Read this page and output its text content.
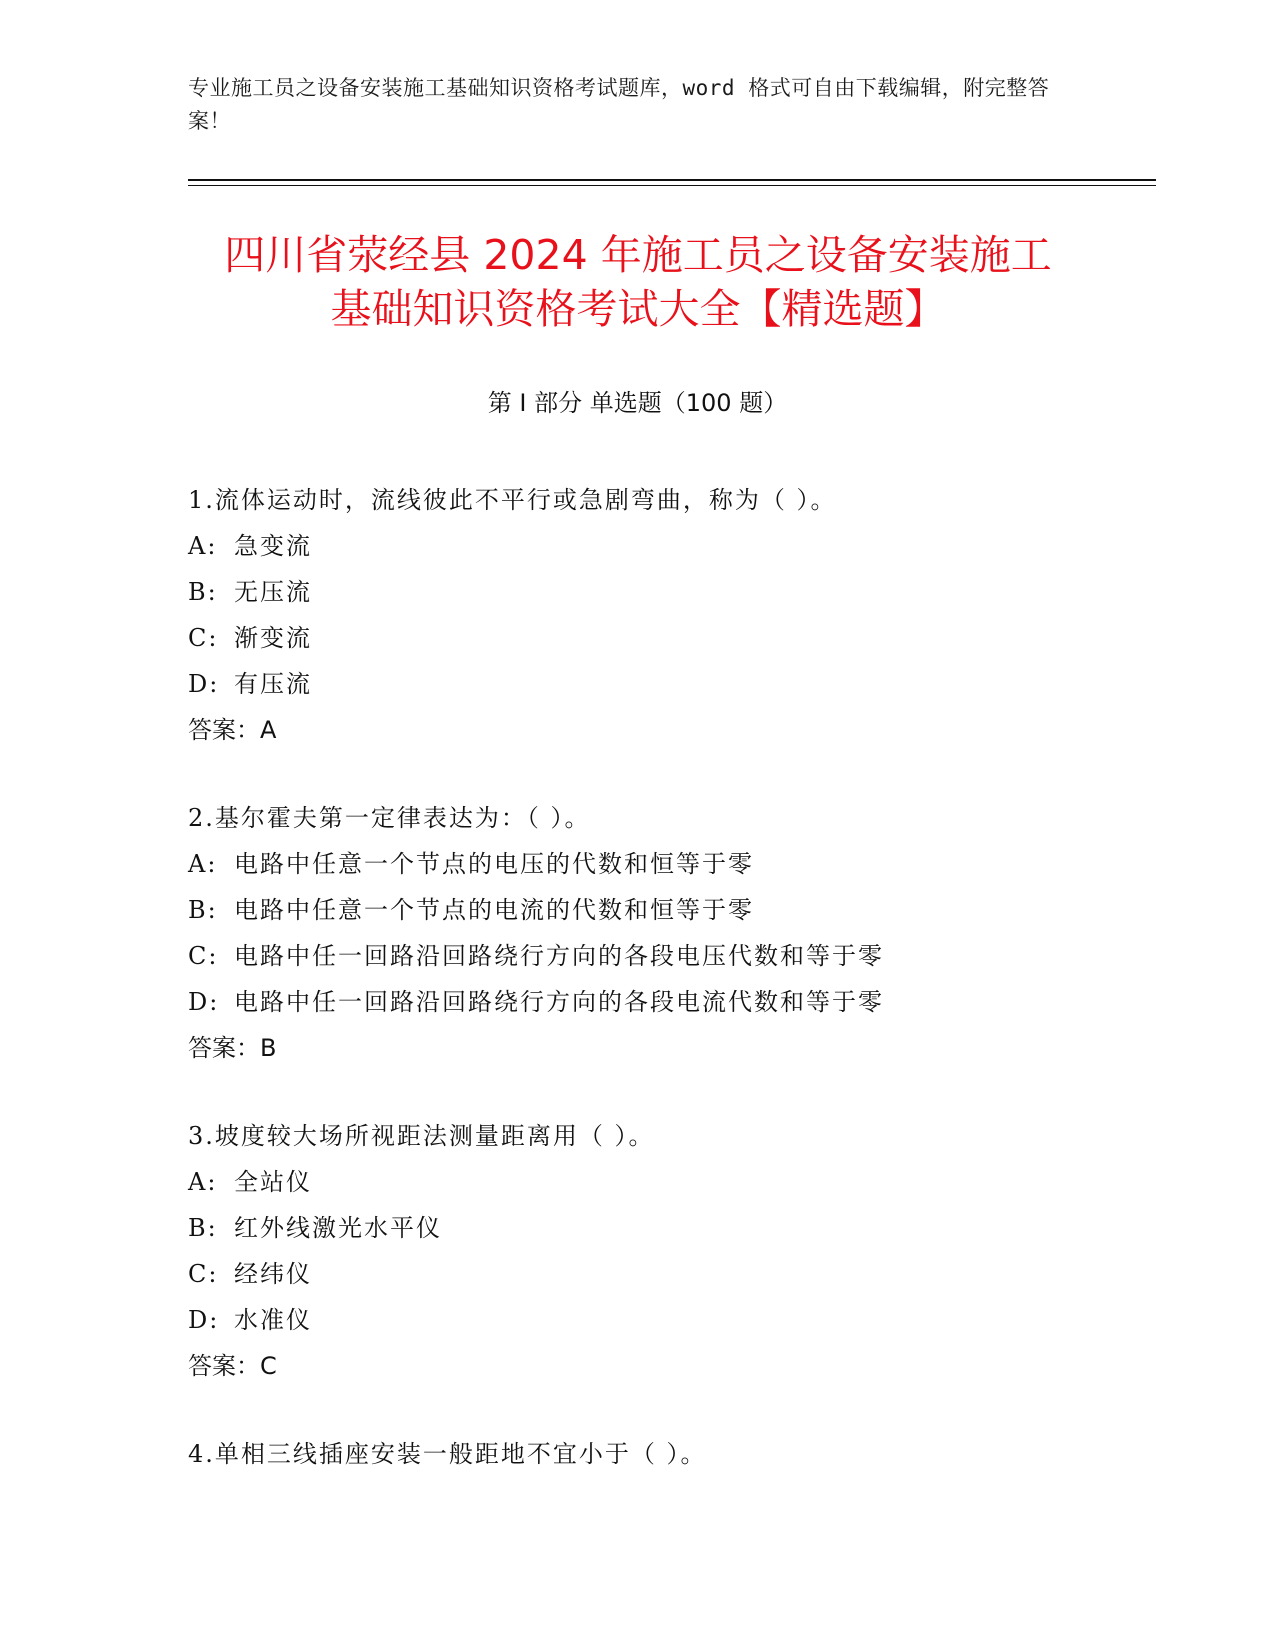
专业施工员之设备安装施工基础知识资格考试题库，word 格式可自由下载编辑，附完整答案！
四川省荥经县 2024 年施工员之设备安装施工
基础知识资格考试大全【精选题】
第 I 部分 单选题（100 题）
1.流体运动时，流线彼此不平行或急剧弯曲，称为（ ）。
A: 急变流
B: 无压流
C: 渐变流
D: 有压流
答案：A
2.基尔霍夫第一定律表达为：（ ）。
A: 电路中任意一个节点的电压的代数和恒等于零
B: 电路中任意一个节点的电流的代数和恒等于零
C: 电路中任一回路沿回路绕行方向的各段电压代数和等于零
D: 电路中任一回路沿回路绕行方向的各段电流代数和等于零
答案：B
3.坡度较大场所视距法测量距离用（ ）。
A: 全站仪
B: 红外线激光水平仪
C: 经纬仪
D: 水准仪
答案：C
4.单相三线插座安装一般距地不宜小于（ ）。
